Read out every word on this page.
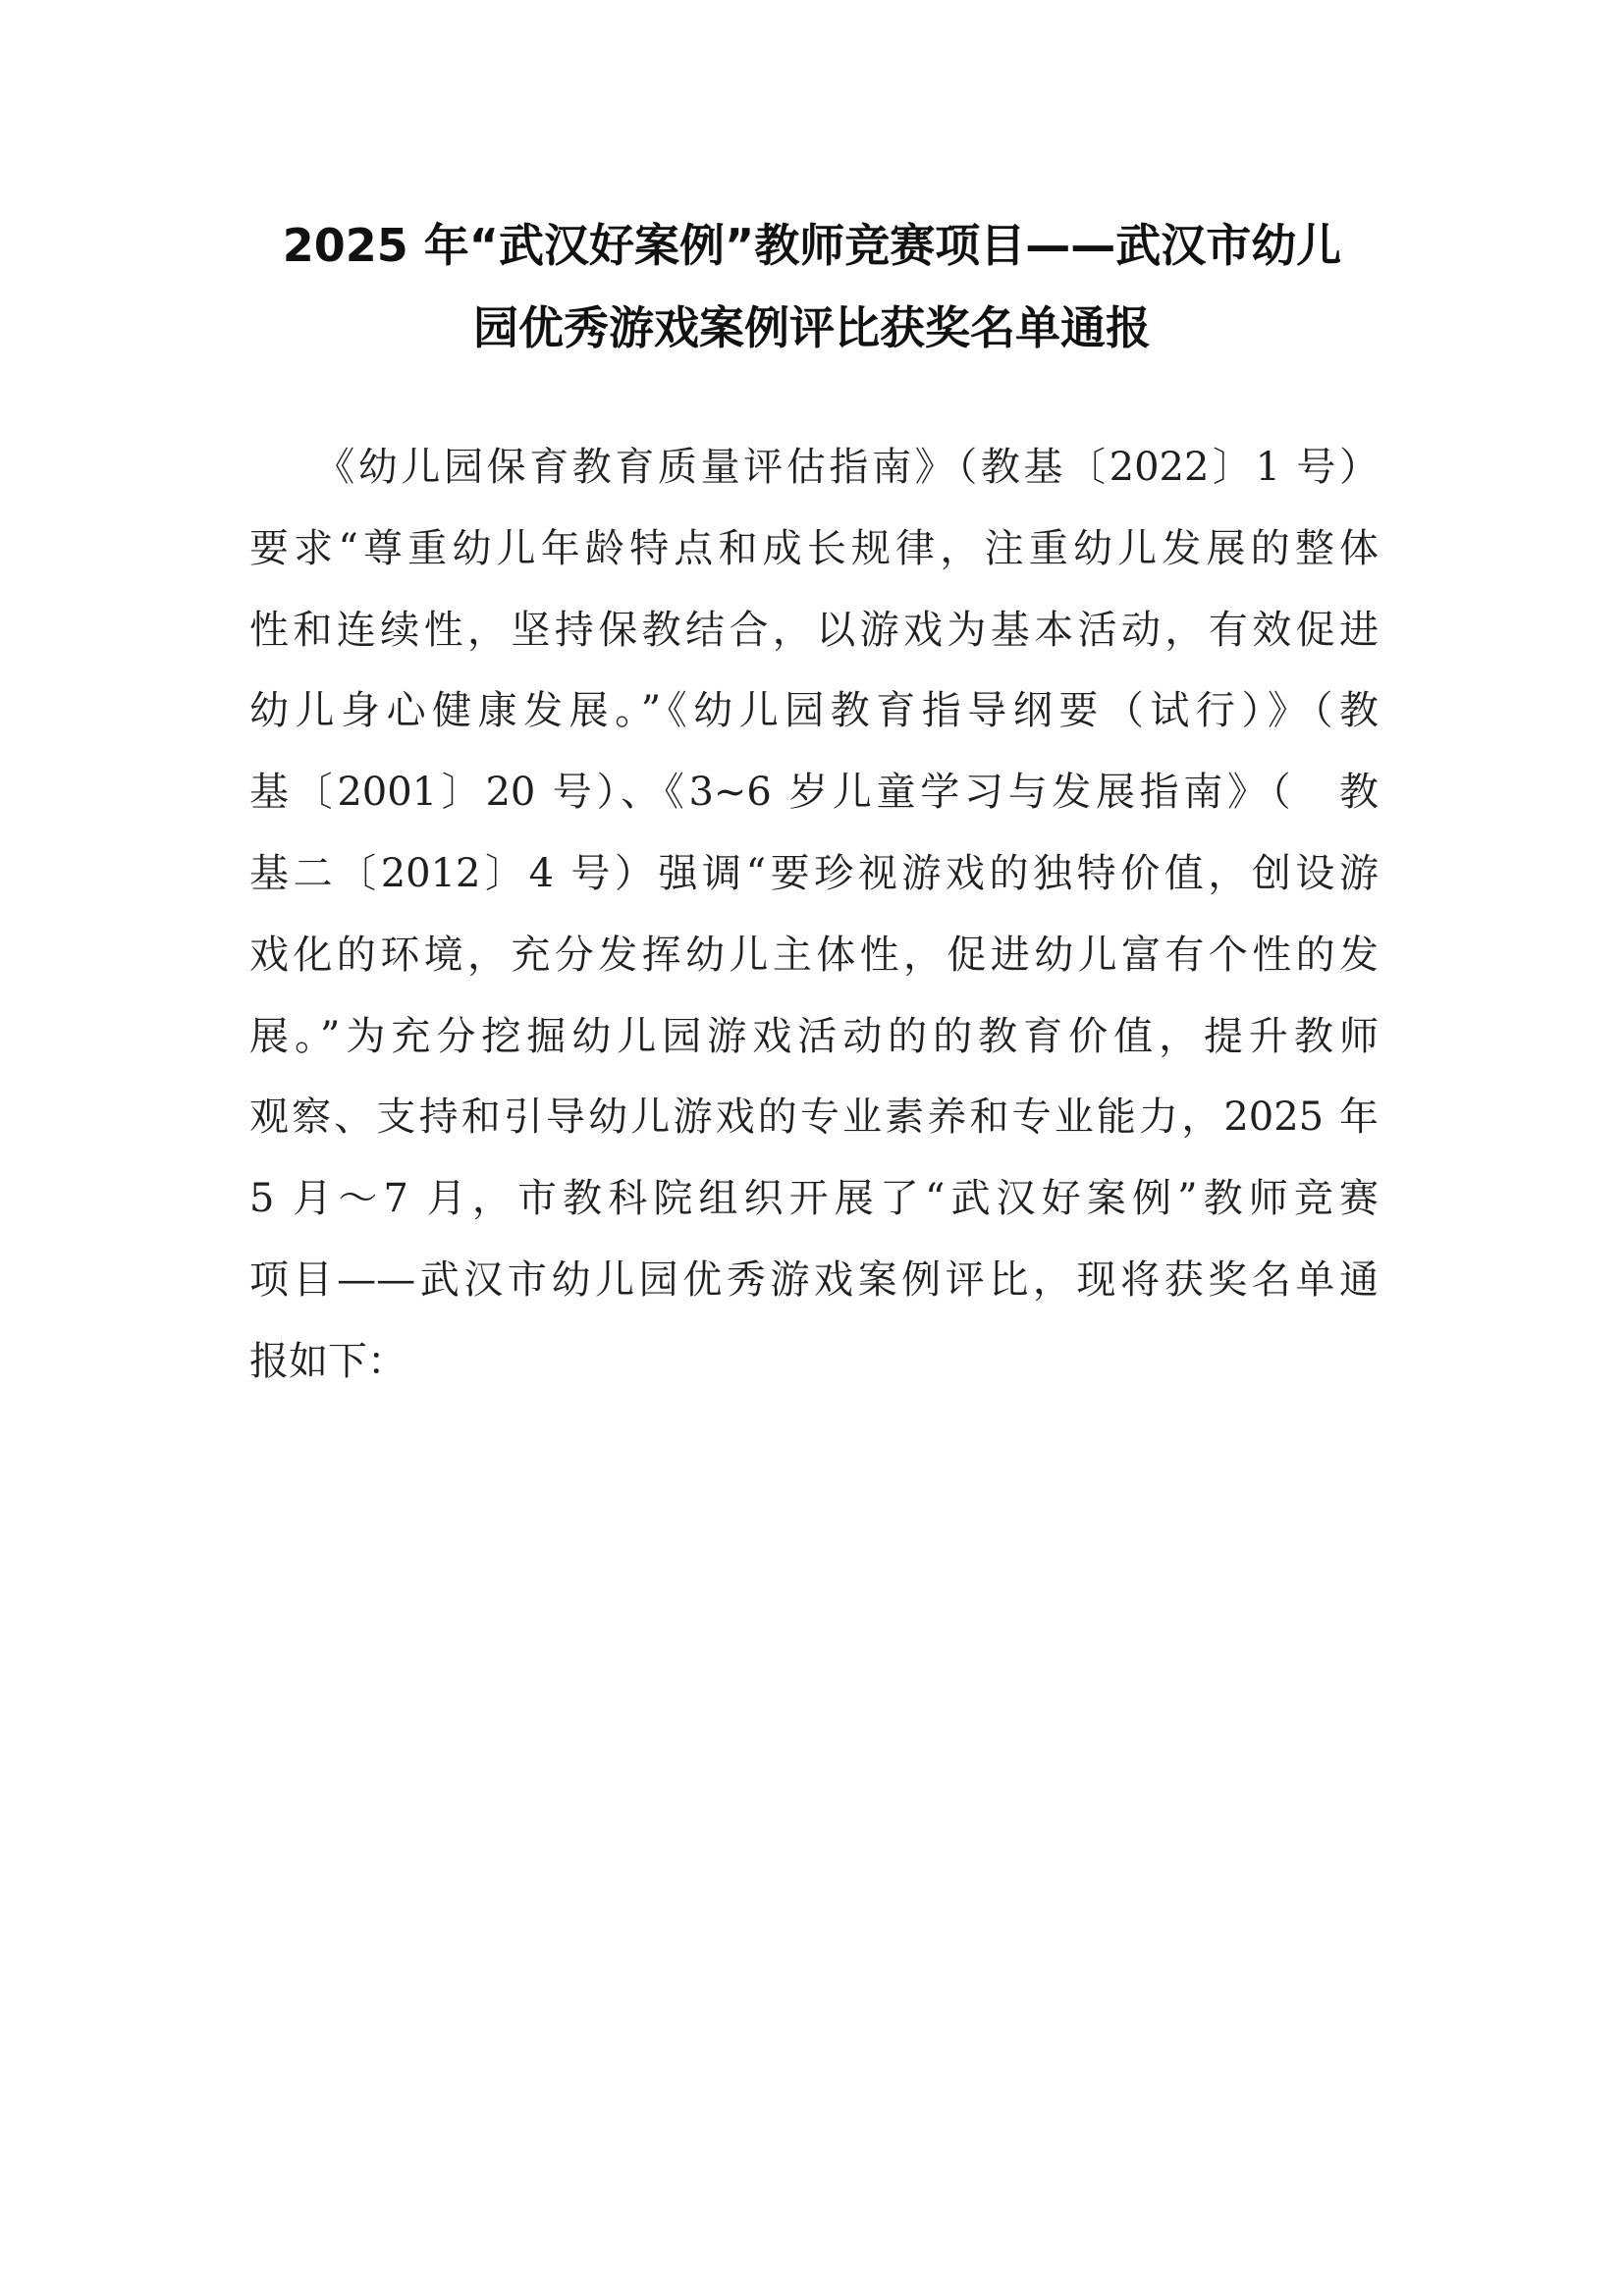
2025 年“武汉好案例”教师竞赛项目——武汉市幼儿
园优秀游戏案例评比获奖名单通报
　　《幼儿园保育教育质量评估指南》（教基〔2022〕1 号）
要求“尊重幼儿年龄特点和成长规律，注重幼儿发展的整体
性和连续性，坚持保教结合，以游戏为基本活动，有效促进
幼儿身心健康发展。”《幼儿园教育指导纲要（试行）》（教
基〔2001〕20 号）、《3~6 岁儿童学习与发展指南》（　教
基二〔2012〕4 号）强调“要珍视游戏的独特价值，创设游
戏化的环境，充分发挥幼儿主体性，促进幼儿富有个性的发
展。”为充分挖掘幼儿园游戏活动的的教育价值，提升教师
观察、支持和引导幼儿游戏的专业素养和专业能力，2025 年
5 月～7 月，市教科院组织开展了“武汉好案例”教师竞赛
项目——武汉市幼儿园优秀游戏案例评比，现将获奖名单通
报如下：
